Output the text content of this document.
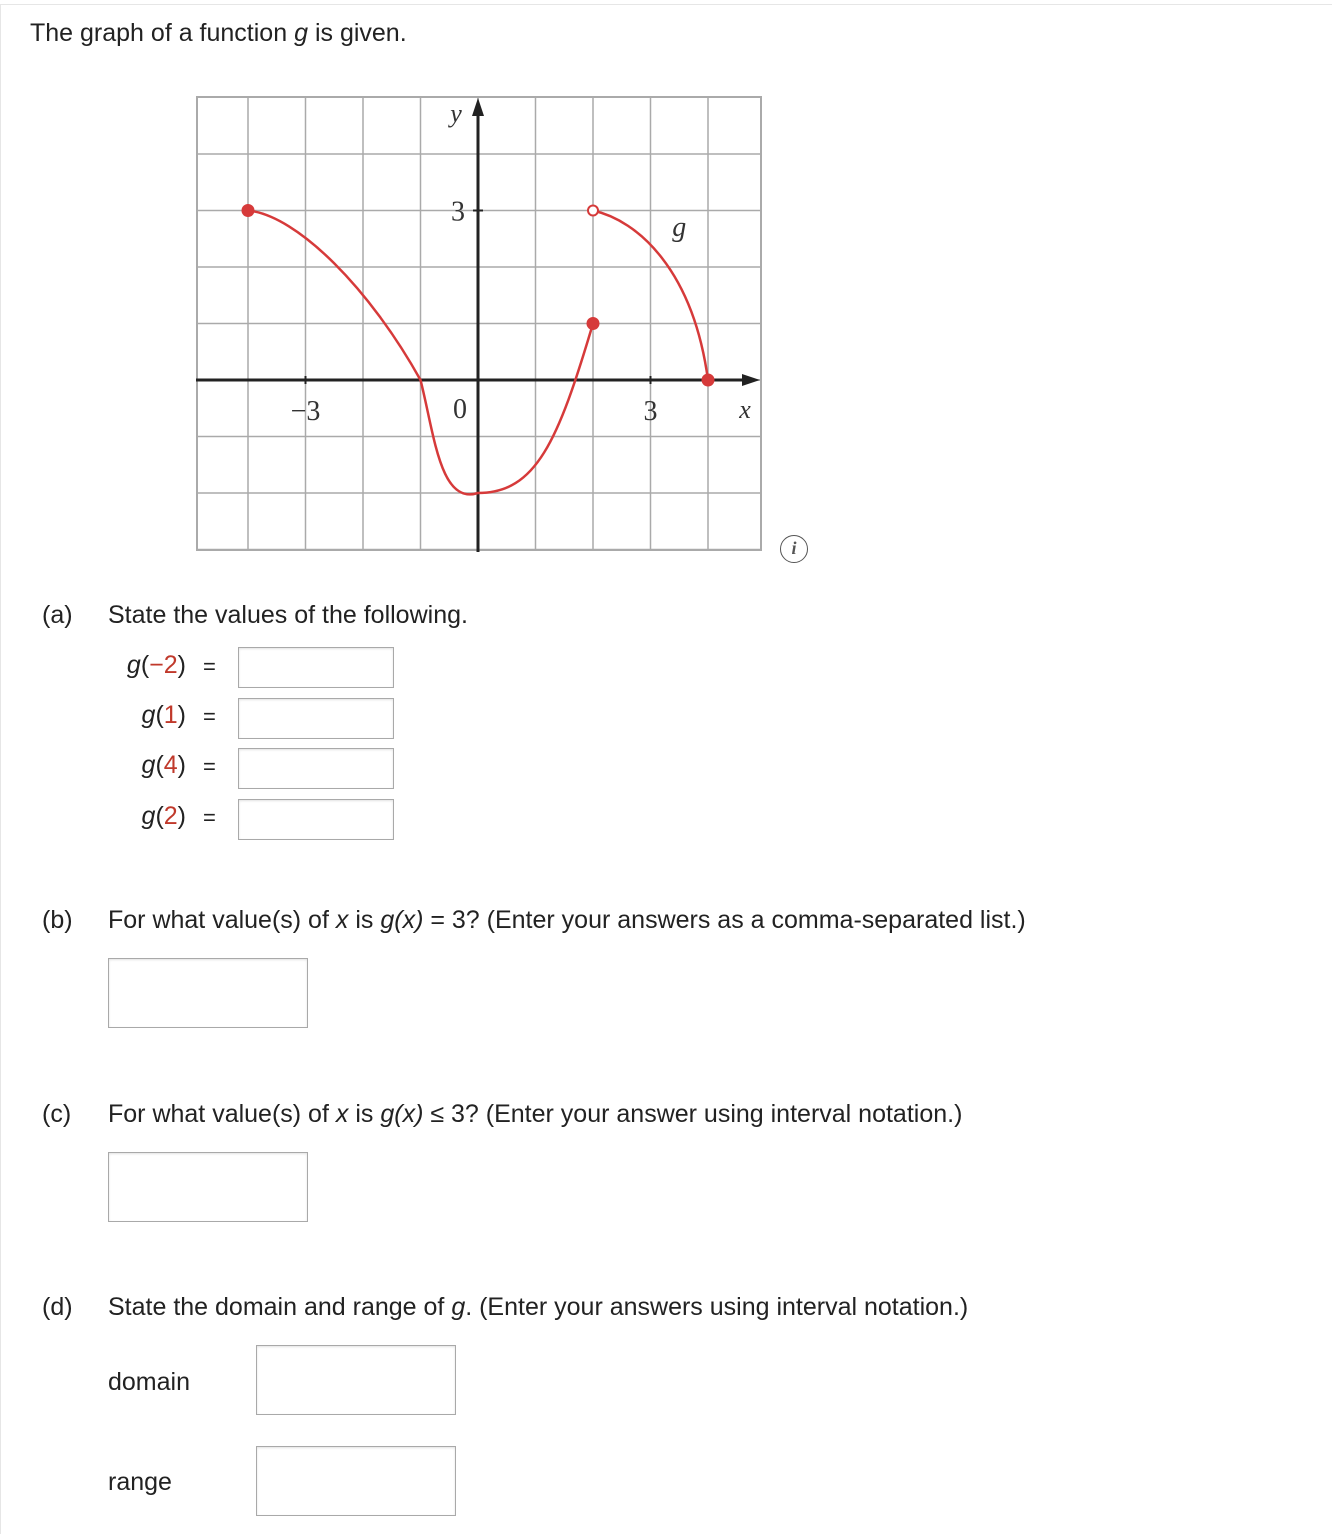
The graph of a function g is given.
y
x
g
−3	0	3
3
i
(a) State the values of the following.
g(−2) =
g(1) =
g(4) =
g(2) =
(b) For what value(s) of x is g(x) = 3? (Enter your answers as a comma-separated list.)
(c) For what value(s) of x is g(x) ≤ 3? (Enter your answer using interval notation.)
(d) State the domain and range of g. (Enter your answers using interval notation.)
domain
range
